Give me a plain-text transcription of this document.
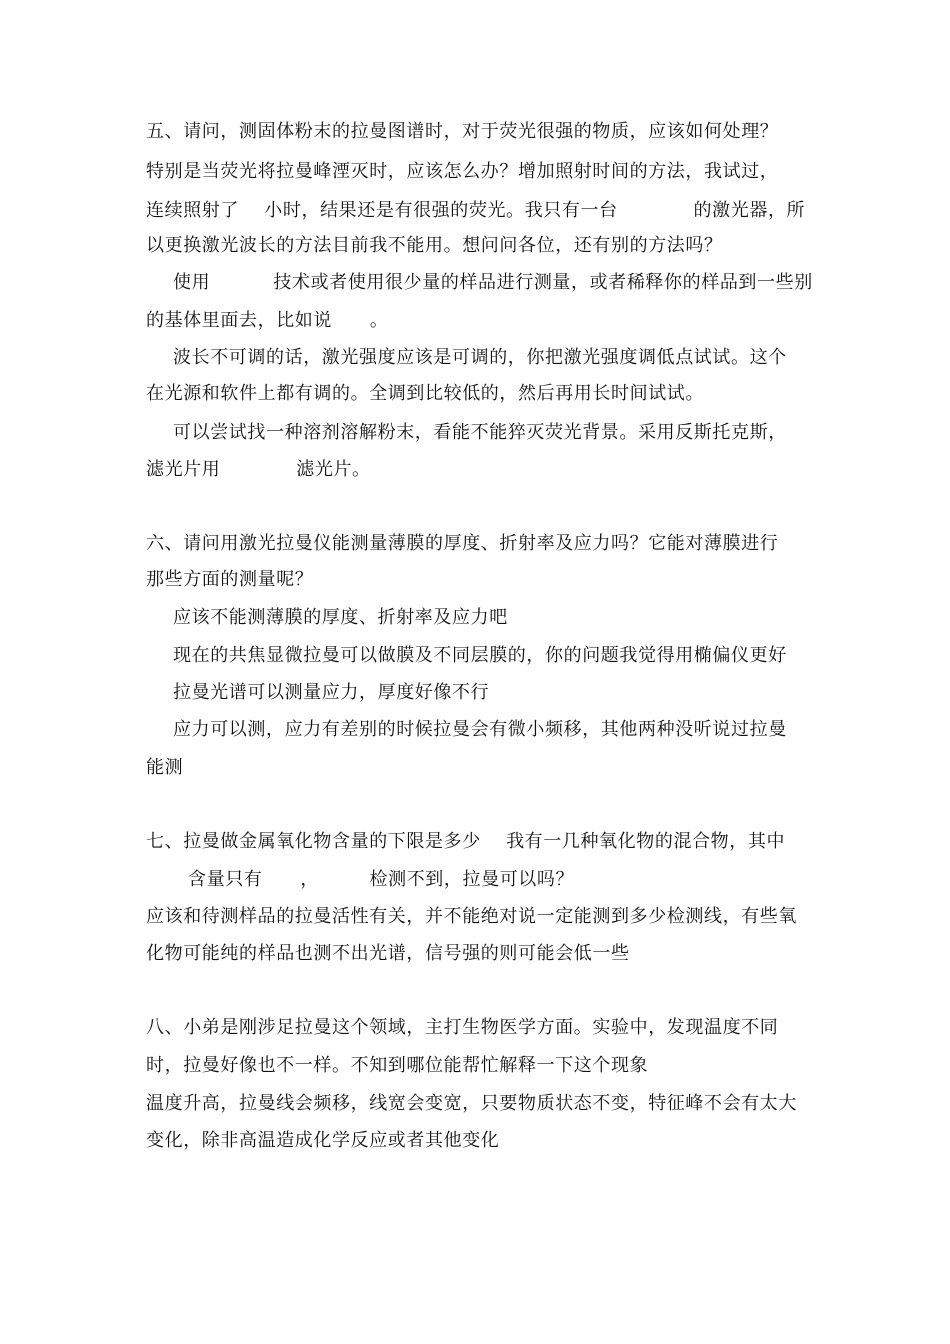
五、请问，测固体粉末的拉曼图谱时，对于荧光很强的物质，应该如何处理？
特别是当荧光将拉曼峰湮灭时，应该怎么办？增加照射时间的方法，我试过，
连续照射了    小时，结果还是有很强的荧光。我只有一台            的激光器，所
以更换激光波长的方法目前我不能用。想问问各位，还有别的方法吗？
使用          技术或者使用很少量的样品进行测量，或者稀释你的样品到一些别
的基体里面去，比如说      。
波长不可调的话，激光强度应该是可调的，你把激光强度调低点试试。这个
在光源和软件上都有调的。全调到比较低的，然后再用长时间试试。
可以尝试找一种溶剂溶解粉末，看能不能猝灭荧光背景。采用反斯托克斯，
滤光片用            滤光片。
六、请问用激光拉曼仪能测量薄膜的厚度、折射率及应力吗？它能对薄膜进行
那些方面的测量呢？
应该不能测薄膜的厚度、折射率及应力吧
现在的共焦显微拉曼可以做膜及不同层膜的，你的问题我觉得用椭偏仪更好
拉曼光谱可以测量应力，厚度好像不行
应力可以测，应力有差别的时候拉曼会有微小频移，其他两种没听说过拉曼
能测
七、拉曼做金属氧化物含量的下限是多少    我有一几种氧化物的混合物，其中
含量只有      ，        检测不到，拉曼可以吗？
应该和待测样品的拉曼活性有关，并不能绝对说一定能测到多少检测线，有些氧
化物可能纯的样品也测不出光谱，信号强的则可能会低一些
八、小弟是刚涉足拉曼这个领域，主打生物医学方面。实验中，发现温度不同
时，拉曼好像也不一样。不知到哪位能帮忙解释一下这个现象
温度升高，拉曼线会频移，线宽会变宽，只要物质状态不变，特征峰不会有太大
变化，除非高温造成化学反应或者其他变化
